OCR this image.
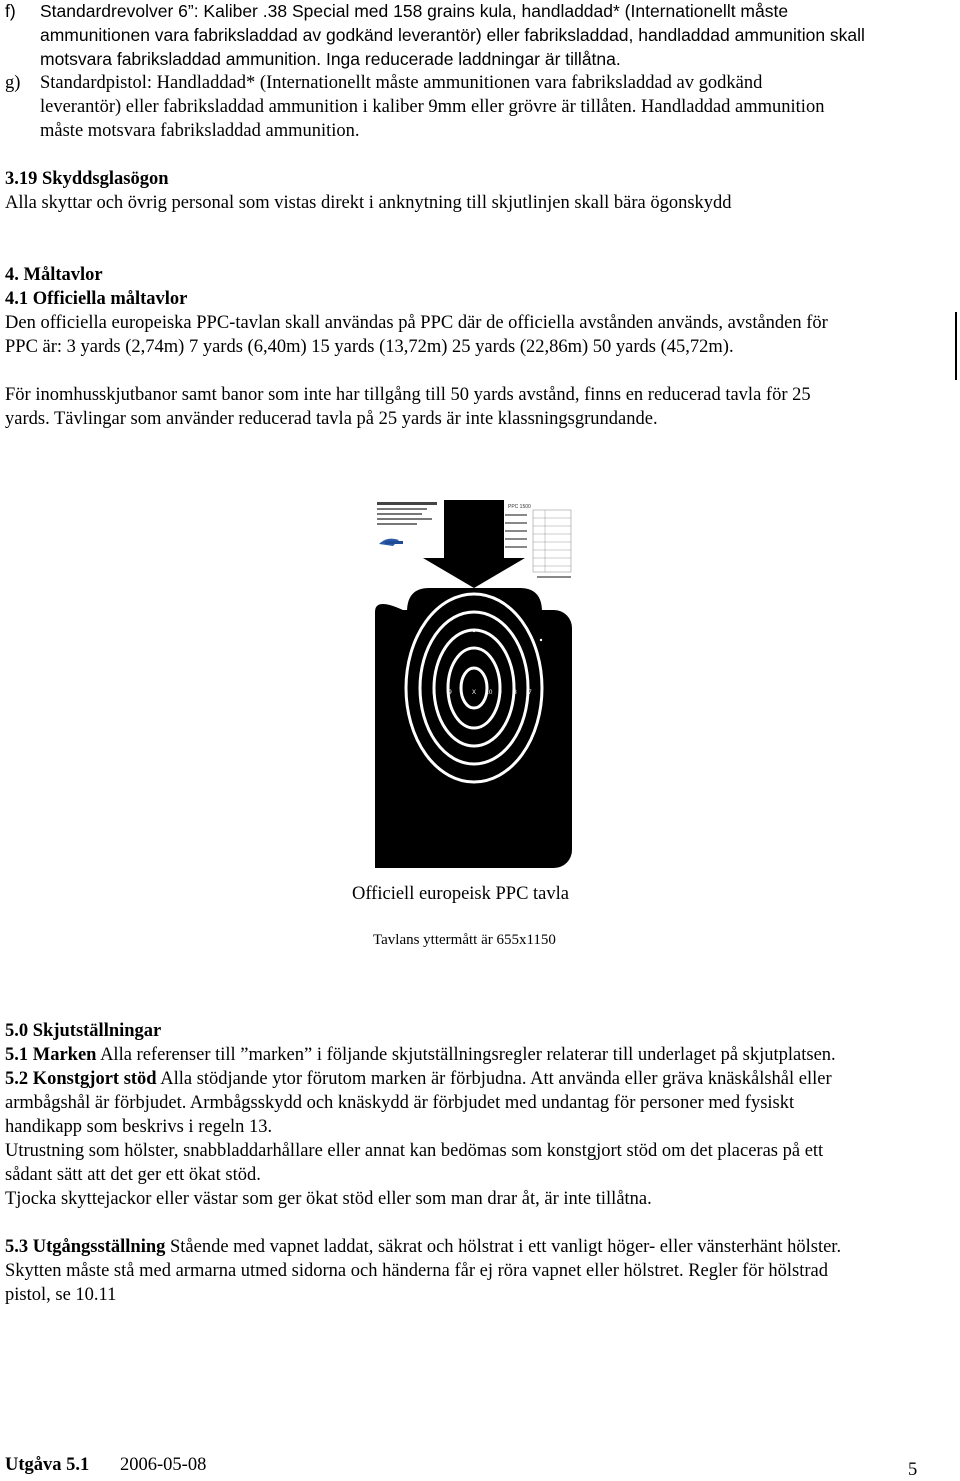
f) Standardrevolver 6”: Kaliber .38 Special med 158 grains kula, handladdad* (Internationellt måste
ammunitionen vara fabriksladdad av godkänd leverantör) eller fabriksladdad, handladdad ammunition skall
motsvara fabriksladdad ammunition. Inga reducerade laddningar är tillåtna.
g) Standardpistol: Handladdad* (Internationellt måste ammunitionen vara fabriksladdad av godkänd
leverantör) eller fabriksladdad ammunition i kaliber 9mm eller grövre är tillåten. Handladdad ammunition
måste motsvara fabriksladdad ammunition.
3.19 Skyddsglasögon
Alla skyttar och övrig personal som vistas direkt i anknytning till skjutlinjen skall bära ögonskydd
4. Måltavlor
4.1 Officiella måltavlor
Den officiella europeiska PPC-tavlan skall användas på PPC där de officiella avstånden används, avstånden för
PPC är: 3 yards (2,74m) 7 yards (6,40m) 15 yards (13,72m) 25 yards (22,86m) 50 yards (45,72m).
För inomhusskjutbanor samt banor som inte har tillgång till 50 yards avstånd, finns en reducerad tavla för 25
yards. Tävlingar som använder reducerad tavla på 25 yards är inte klassningsgrundande.
PPC 1500
7 8 9	X 10 9 8 7
Officiell europeisk PPC tavla
Tavlans yttermått är 655x1150
5.0 Skjutställningar
5.1 Marken Alla referenser till ”marken” i följande skjutställningsregler relaterar till underlaget på skjutplatsen.
5.2 Konstgjort stöd Alla stödjande ytor förutom marken är förbjudna. Att använda eller gräva knäskålshål eller
armbågshål är förbjudet. Armbågsskydd och knäskydd är förbjudet med undantag för personer med fysiskt
handikapp som beskrivs i regeln 13.
Utrustning som hölster, snabbladdarhållare eller annat kan bedömas som konstgjort stöd om det placeras på ett
sådant sätt att det ger ett ökat stöd.
Tjocka skyttejackor eller västar som ger ökat stöd eller som man drar åt, är inte tillåtna.
5.3 Utgångsställning Stående med vapnet laddat, säkrat och hölstrat i ett vanligt höger- eller vänsterhänt hölster.
Skytten måste stå med armarna utmed sidorna och händerna får ej röra vapnet eller hölstret. Regler för hölstrad
pistol, se 10.11
Utgåva 5.1 2006-05-08	5
